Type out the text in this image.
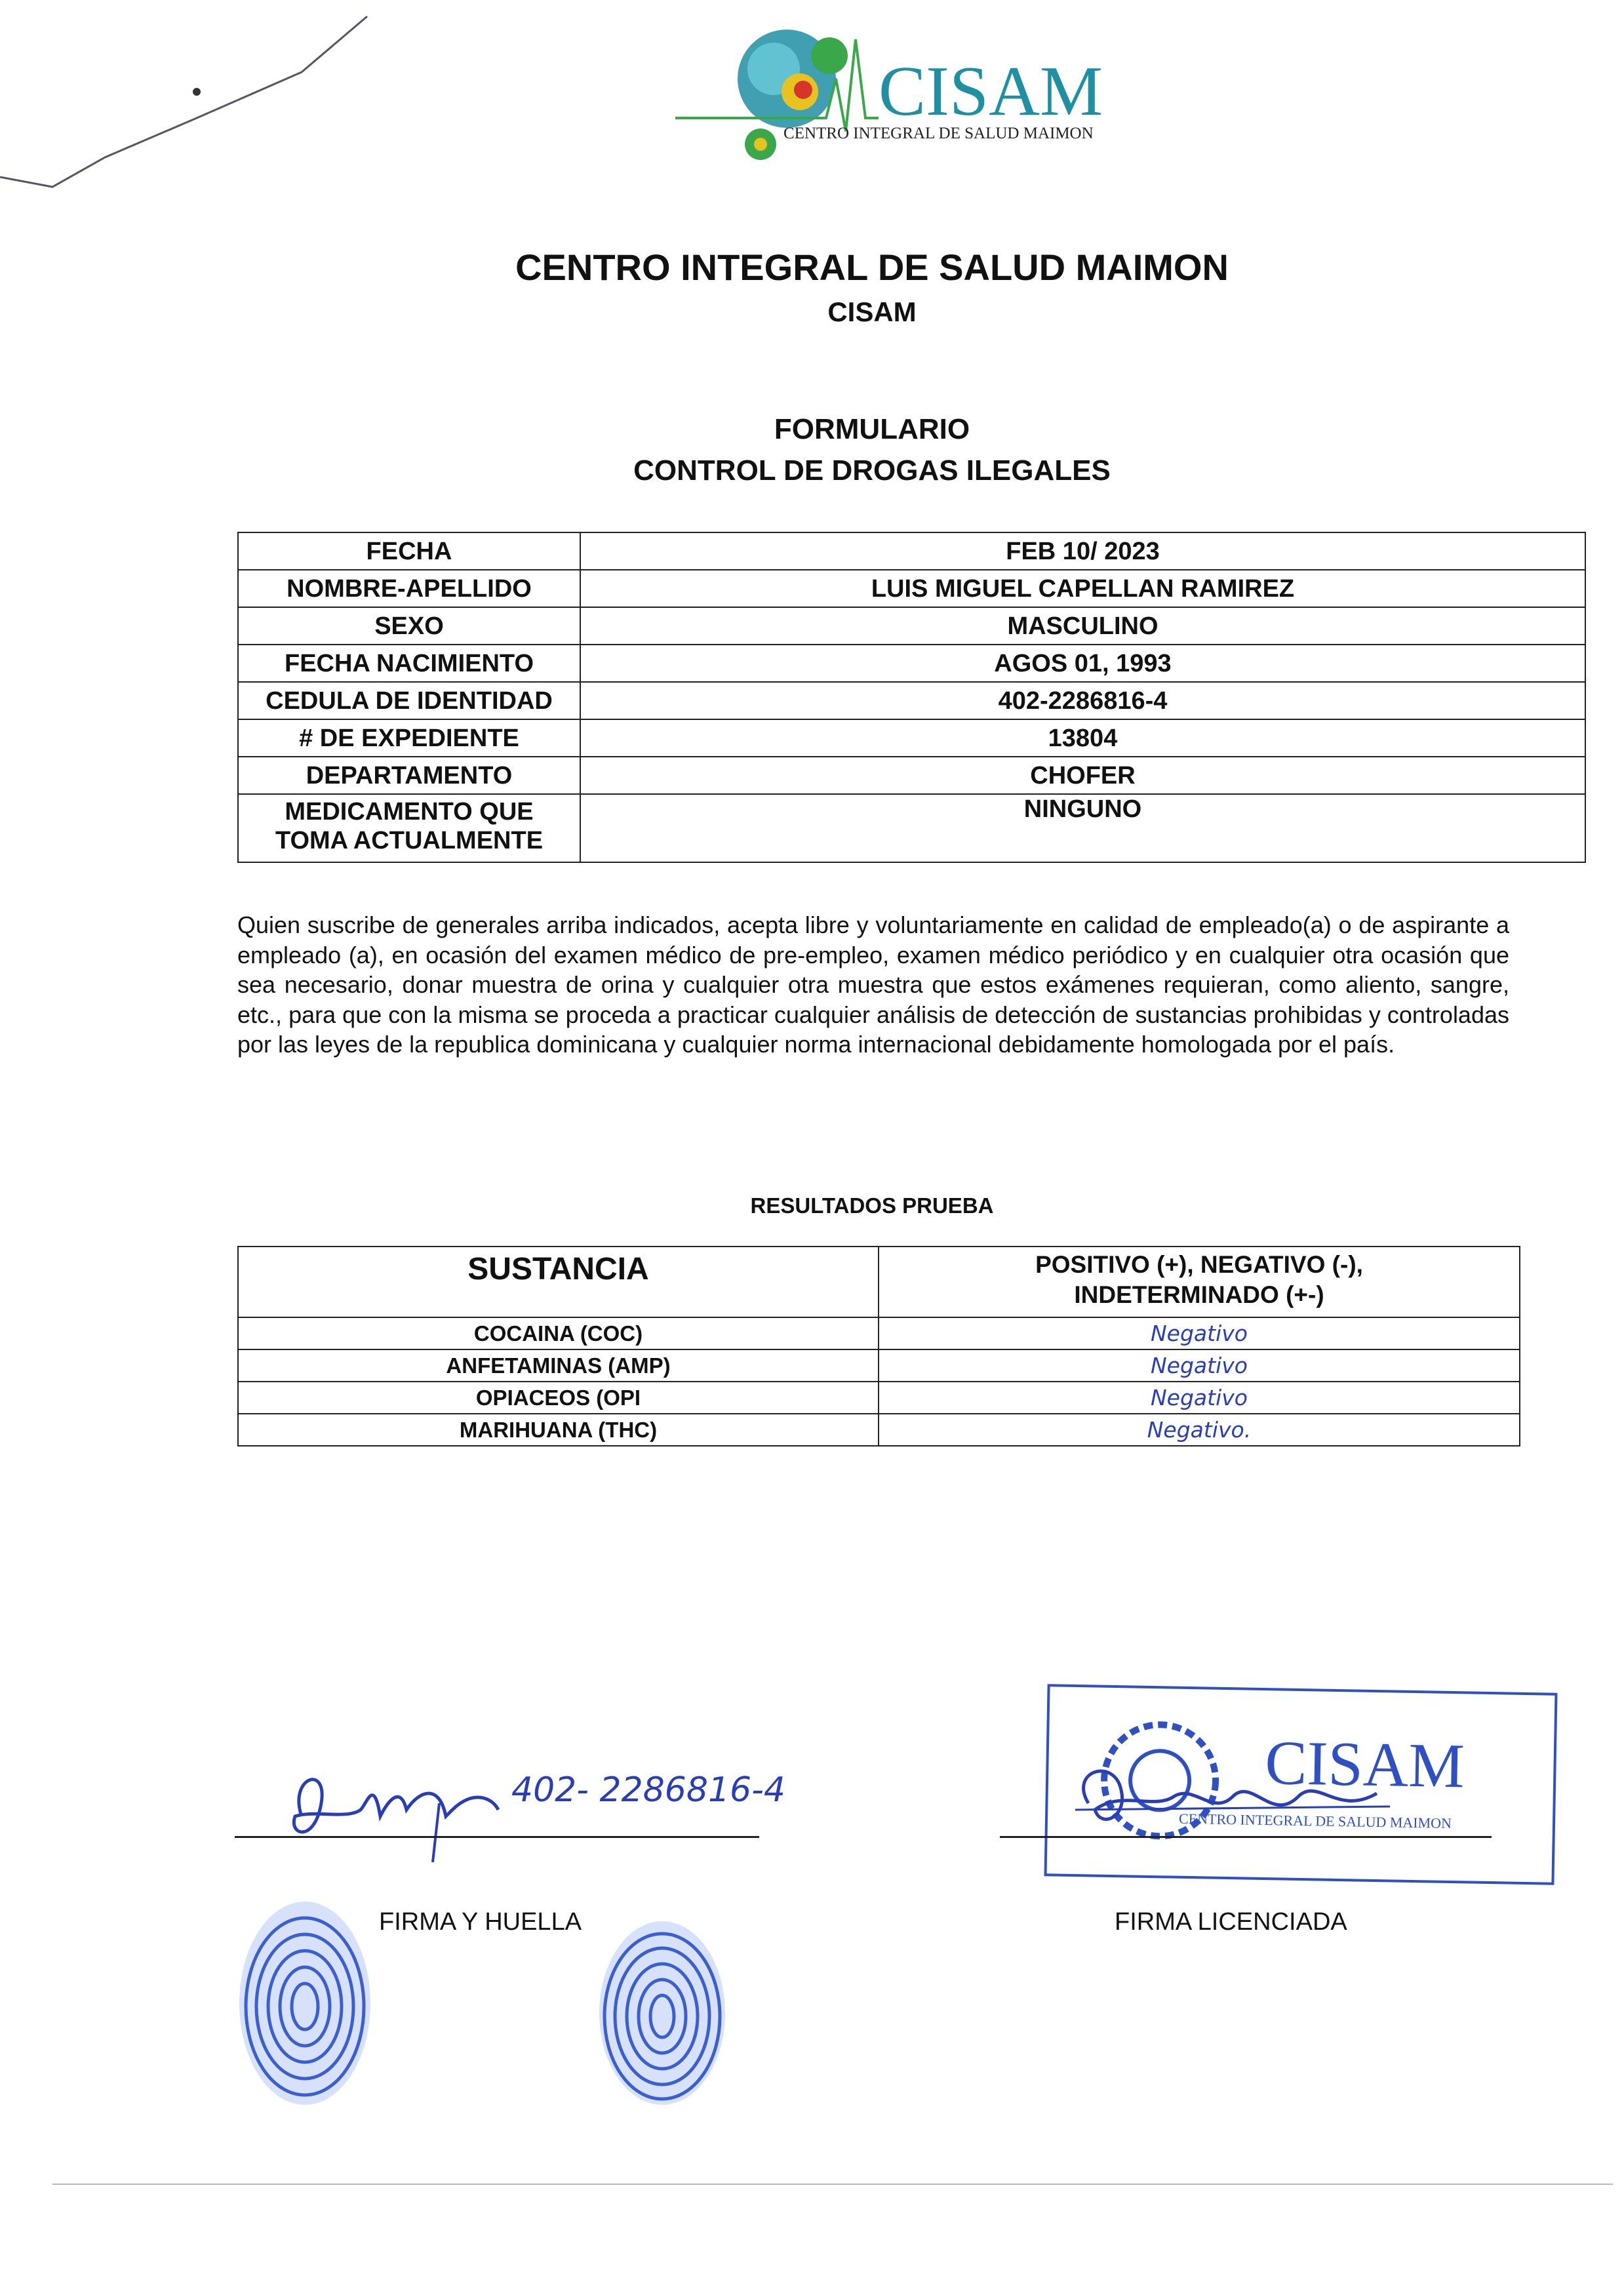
CISAM
CENTRO INTEGRAL DE SALUD MAIMON
CENTRO INTEGRAL DE SALUD MAIMON
CISAM
FORMULARIO
CONTROL DE DROGAS ILEGALES
FECHA	FEB 10/ 2023
NOMBRE-APELLIDO	LUIS MIGUEL CAPELLAN RAMIREZ
SEXO	MASCULINO
FECHA NACIMIENTO	AGOS 01, 1993
CEDULA DE IDENTIDAD	402-2286816-4
# DE EXPEDIENTE	13804
DEPARTAMENTO	CHOFER

MEDICAMENTO QUE
TOMA ACTUALMENTE	NINGUNO
Quien suscribe de generales arriba indicados, acepta libre y voluntariamente en calidad de empleado(a) o de aspirante a empleado (a), en ocasión del examen médico de pre-empleo, examen médico periódico y en cualquier otra ocasión que sea necesario, donar muestra de orina y cualquier otra muestra que estos exámenes requieran, como aliento, sangre, etc., para que con la misma se proceda a practicar cualquier análisis de detección de sustancias prohibidas y controladas por las leyes de la republica dominicana y cualquier norma internacional debidamente homologada por el país.
RESULTADOS PRUEBA
SUSTANCIA	POSITIVO (+), NEGATIVO (-),
INDETERMINADO (+-)

COCAINA (COC)	Negativo
ANFETAMINAS (AMP)	Negativo
OPIACEOS (OPI	Negativo
MARIHUANA (THC)	Negativo.
402- 2286816-4
FIRMA Y HUELLA
CISAM
CENTRO INTEGRAL DE SALUD MAIMON
FIRMA LICENCIADA
